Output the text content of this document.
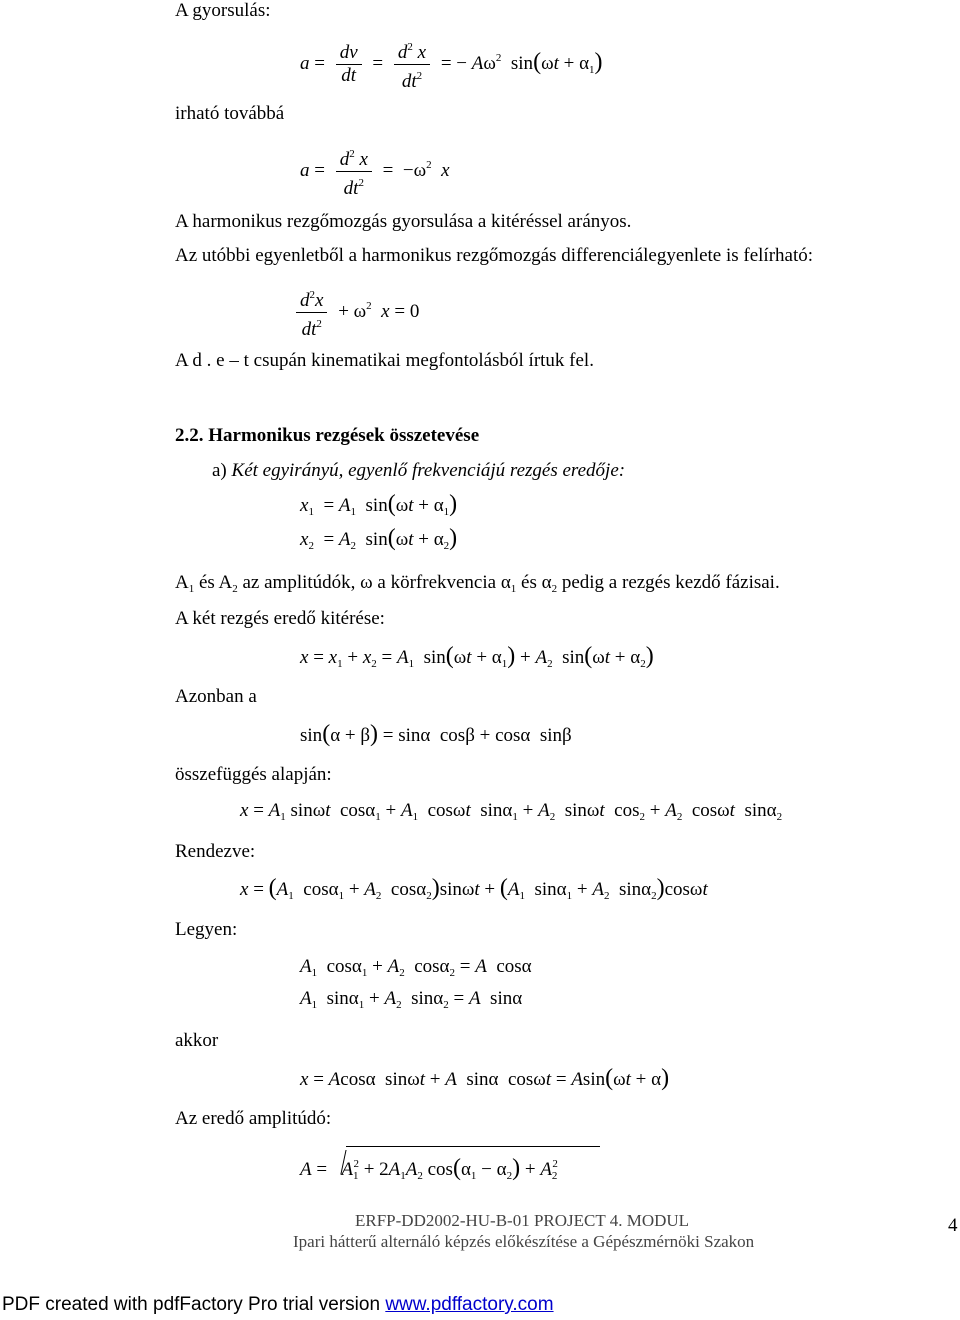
A gyorsulás:
$a = \frac{dv}{dt} = \frac{d^2 x}{dt^2}$ = − $A\omega^2$  $\sin(\omega t + \alpha_1)$
irható továbbá
$a = \frac{d^2 x}{dt^2} = -\omega^2$ x
A harmonikus rezgőmozgás gyorsulása a kitéréssel arányos.
Az utóbbi egyenletből a harmonikus rezgőmozgás differenciálegyenlete is felírható:
$\frac{d^2x}{dt^2} + \omega^2$ x = 0
A d . e – t csupán kinematikai megfontolásból írtuk fel.
2.2. Harmonikus rezgések összetevése
a) Két egyirányú, egyenlő frekvenciájú rezgés eredője:
$x_1 = A_1$  $\sin(\omega t + \alpha_1)$
$x_2 = A_2$  $\sin(\omega t + \alpha_2)$
$A_1$ és $A_2$ az amplitúdók, ω a körfrekvencia $\alpha_1$ és $\alpha_2$ pedig a rezgés kezdő fázisai.
A két rezgés eredő kitérése:
$x = x_1 + x_2 = A_1$  $\sin(\omega t + \alpha_1) + A_2$  $\sin(\omega t + \alpha_2)$
Azonban a
sin(α + β) = sinα  cosβ + cosα  sinβ
összefüggés alapján:
$x = A_1$ sinωt  $\cos\alpha_1 + A_1$  cosωt  $\sin\alpha_1 + A_2$  sinωt  $\cos_2 + A_2$  cosωt  sinα$_2$
Rendezve:
$x = (A_1$  $\cos\alpha_1 + A_2$  $\cos\alpha_2)\sin\omega t + (A_1$  $\sin\alpha_1 + A_2$  sinα$_2$)cosωt
Legyen:
$A_1$  $\cos\alpha_1 + A_2$  cosα$_2$ = A  cosα
$A_1$  $\sin\alpha_1 + A_2$  sinα$_2$ = A  sinα
akkor
x = Acosα  sinωt + A  sinα  cosωt = Asin(ωt + α)
Az eredő amplitúdó:
$A = A_1^2 + 2A_1A_2$ $\cos(\alpha_1 - \alpha_2) + A_2^2$
ERFP-DD2002-HU-B-01 PROJECT 4. MODUL
Ipari hátterű alternáló képzés előkészítése a Gépészmérnöki Szakon
4
PDF created with pdfFactory Pro trial version www.pdffactory.com
